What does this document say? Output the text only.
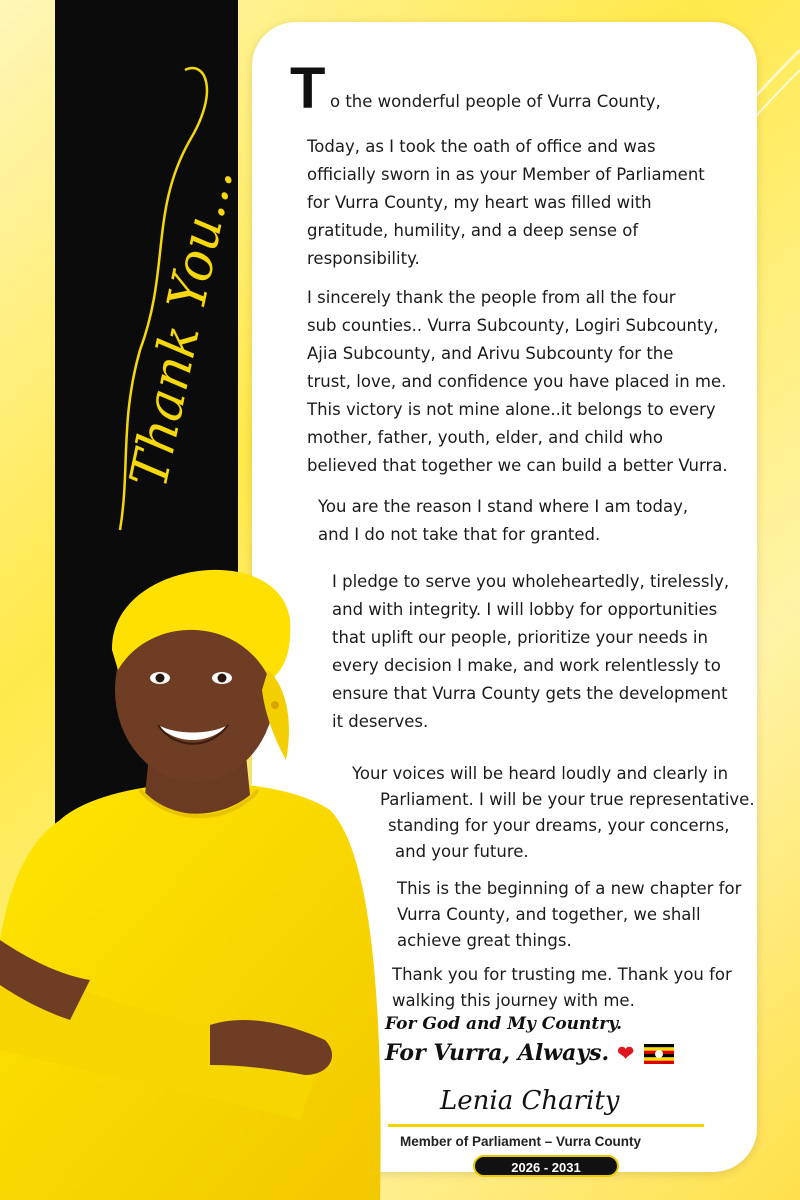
Thank You...
T o the wonderful people of Vurra County,

Today, as I took the oath of office and was
officially sworn in as your Member of Parliament
for Vurra County, my heart was filled with
gratitude, humility, and a deep sense of
responsibility.

I sincerely thank the people from all the four
sub counties.. Vurra Subcounty, Logiri Subcounty,
Ajia Subcounty, and Arivu Subcounty for the
trust, love, and confidence you have placed in me.
This victory is not mine alone..it belongs to every
mother, father, youth, elder, and child who
believed that together we can build a better Vurra.

You are the reason I stand where I am today,
and I do not take that for granted.

I pledge to serve you wholeheartedly, tirelessly,
and with integrity. I will lobby for opportunities
that uplift our people, prioritize your needs in
every decision I make, and work relentlessly to
ensure that Vurra County gets the development
it deserves.

Your voices will be heard loudly and clearly in
Parliament. I will be your true representative.
standing for your dreams, your concerns,
and your future.

This is the beginning of a new chapter for
Vurra County, and together, we shall
achieve great things.

Thank you for trusting me. Thank you for
walking this journey with me.

For God and My Country.
For Vurra, Always. ❤
Lenia Charity
Member of Parliament – Vurra County
2026 - 2031
